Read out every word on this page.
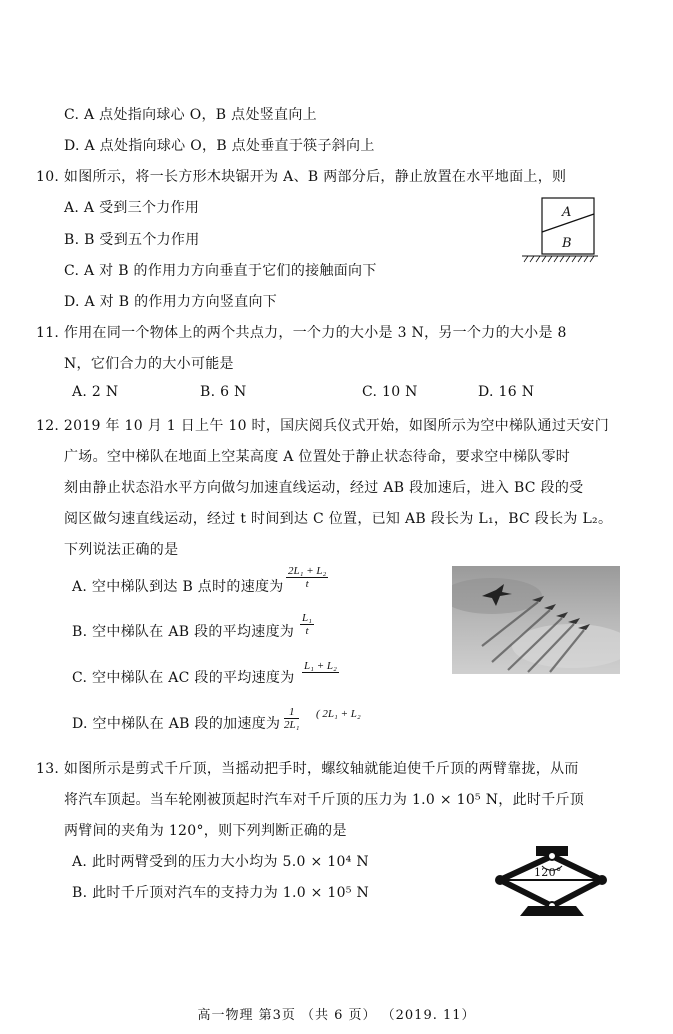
C. A 点处指向球心 O，B 点处竖直向上
D. A 点处指向球心 O，B 点处垂直于筷子斜向上
10. 如图所示，将一长方形木块锯开为 A、B 两部分后，静止放置在水平地面上，则
A. A 受到三个力作用
B. B 受到五个力作用
C. A 对 B 的作用力方向垂直于它们的接触面向下
D. A 对 B 的作用力方向竖直向下
A
B
11. 作用在同一个物体上的两个共点力，一个力的大小是 3 N，另一个力的大小是 8
N，它们合力的大小可能是
A. 2 N	B. 6 N	C. 10 N	D. 16 N
12. 2019 年 10 月 1 日上午 10 时，国庆阅兵仪式开始，如图所示为空中梯队通过天安门
广场。空中梯队在地面上空某高度 A 位置处于静止状态待命，要求空中梯队零时
刻由静止状态沿水平方向做匀加速直线运动，经过 AB 段加速后，进入 BC 段的受
阅区做匀速直线运动，经过 t 时间到达 C 位置，已知 AB 段长为 L₁，BC 段长为 L₂。
下列说法正确的是
A. 空中梯队到达 B 点时的速度为 $\frac{\text{2L₁ + L₂}}{t}$
B. 空中梯队在 AB 段的平均速度为 $\frac{\text{L₁}}{t}$
C. 空中梯队在 AC 段的平均速度为
L₁ + L₂
D. 空中梯队在 AB 段的加速度为 $\frac{1}{\text{2L₁}}$ ( 2L₁ + L₂
13. 如图所示是剪式千斤顶，当摇动把手时，螺纹轴就能迫使千斤顶的两臂靠拢，从而
将汽车顶起。当车轮刚被顶起时汽车对千斤顶的压力为 1.0 × 10⁵ N，此时千斤顶
两臂间的夹角为 120°，则下列判断正确的是
A. 此时两臂受到的压力大小均为 5.0 × 10⁴ N
B. 此时千斤顶对汽车的支持力为 1.0 × 10⁵ N
120°
高一物理 第3页 （共 6 页） （2019. 11）
